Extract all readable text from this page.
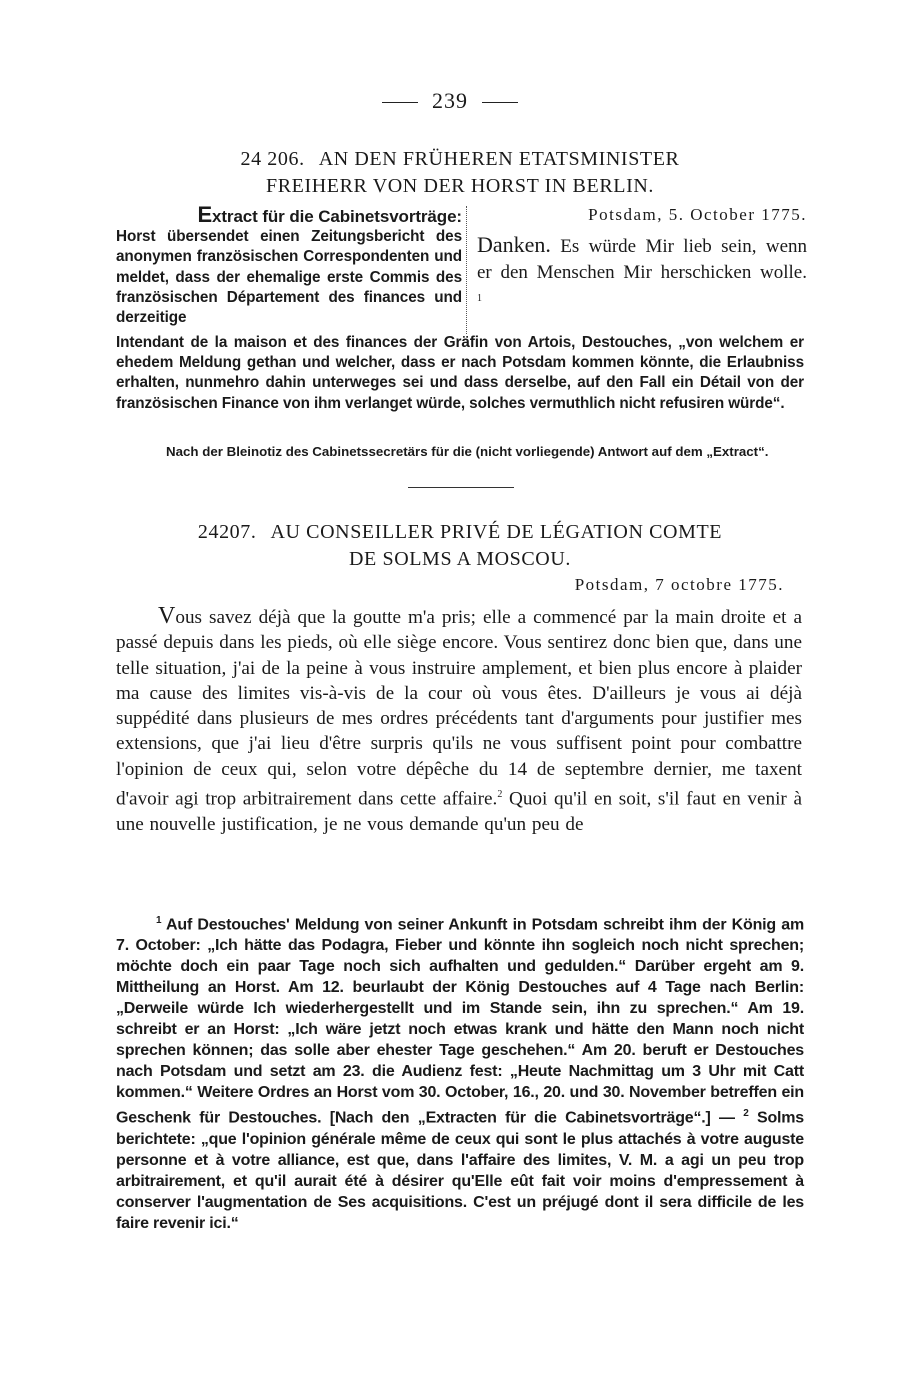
239
24 206. AN DEN FRÜHEREN ETATSMINISTER
FREIHERR VON DER HORST IN BERLIN.
Extract für die Cabinetsvorträge:
Horst übersendet einen Zeitungsbericht des anonymen französischen Correspondenten und meldet, dass der ehemalige erste Commis des französischen Département des finances und derzeitige
Potsdam, 5. October 1775.
Danken. Es würde Mir lieb sein, wenn er den Menschen Mir herschicken wolle. $^1$
Intendant de la maison et des finances der Gräfin von Artois, Destouches, „von welchem er ehedem Meldung gethan und welcher, dass er nach Potsdam kommen könnte, die Erlaubniss erhalten, nunmehro dahin unterweges sei und dass derselbe, auf den Fall ein Détail von der französischen Finance von ihm verlanget würde, solches vermuthlich nicht refusiren würde“.
Nach der Bleinotiz des Cabinetssecretärs für die (nicht vorliegende) Antwort auf dem „Extract“.
24207. AU CONSEILLER PRIVÉ DE LÉGATION COMTE
DE SOLMS A MOSCOU.
Potsdam, 7 octobre 1775.

Vous savez déjà que la goutte m'a pris; elle a commencé par la main droite et a passé depuis dans les pieds, où elle siège encore. Vous sentirez donc bien que, dans une telle situation, j'ai de la peine à vous instruire amplement, et bien plus encore à plaider ma cause des limites vis-à-vis de la cour où vous êtes. D'ailleurs je vous ai déjà suppédité dans plusieurs de mes ordres précédents tant d'arguments pour justifier mes extensions, que j'ai lieu d'être surpris qu'ils ne vous suffisent point pour combattre l'opinion de ceux qui, selon votre dépêche du 14 de septembre dernier, me taxent d'avoir agi trop arbitrairement dans cette affaire.$^2$ Quoi qu'il en soit, s'il faut en venir à une nouvelle justification, je ne vous demande qu'un peu de

$^1$ Auf Destouches' Meldung von seiner Ankunft in Potsdam schreibt ihm der König am 7. October: „Ich hätte das Podagra, Fieber und könnte ihn sogleich noch nicht sprechen; möchte doch ein paar Tage noch sich aufhalten und gedulden.“ Darüber ergeht am 9. Mittheilung an Horst. Am 12. beurlaubt der König Destouches auf 4 Tage nach Berlin: „Derweile würde Ich wiederhergestellt und im Stande sein, ihn zu sprechen.“ Am 19. schreibt er an Horst: „Ich wäre jetzt noch etwas krank und hätte den Mann noch nicht sprechen können; das solle aber ehester Tage geschehen.“ Am 20. beruft er Destouches nach Potsdam und setzt am 23. die Audienz fest: „Heute Nachmittag um 3 Uhr mit Catt kommen.“ Weitere Ordres an Horst vom 30. October, 16., 20. und 30. November betreffen ein Geschenk für Destouches. [Nach den „Extracten für die Cabinetsvorträge“.] — $^2$ Solms berichtete: „que l'opinion générale même de ceux qui sont le plus attachés à votre auguste personne et à votre alliance, est que, dans l'affaire des limites, V. M. a agi un peu trop arbitrairement, et qu'il aurait été à désirer qu'Elle eût fait voir moins d'empressement à conserver l'augmentation de Ses acquisitions. C'est un préjugé dont il sera difficile de les faire revenir ici.“
